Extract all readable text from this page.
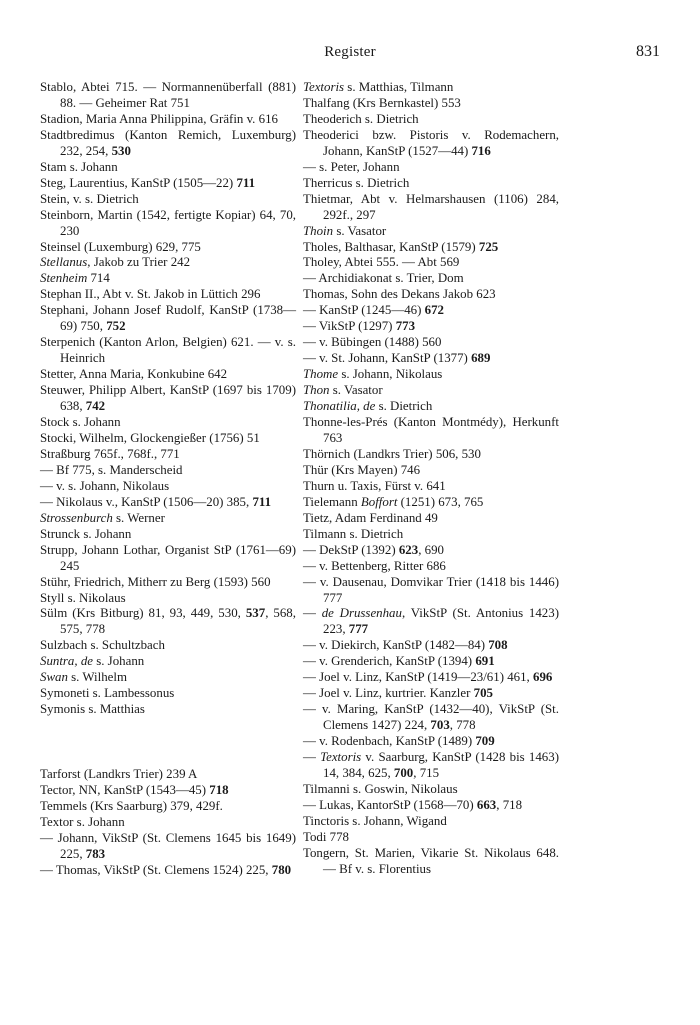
Register	831

Stablo, Abtei 715. — Normannenüberfall (881) 88. — Geheimer Rat 751

Stadion, Maria Anna Philippina, Gräfin v. 616

Stadtbredimus (Kanton Remich, Luxemburg) 232, 254, 530

Stam s. Johann

Steg, Laurentius, KanStP (1505—22) 711

Stein, v. s. Dietrich

Steinborn, Martin (1542, fertigte Kopiar) 64, 70, 230

Steinsel (Luxemburg) 629, 775

Stellanus, Jakob zu Trier 242

Stenheim 714

Stephan II., Abt v. St. Jakob in Lüttich 296

Stephani, Johann Josef Rudolf, KanStP (1738—69) 750, 752

Sterpenich (Kanton Arlon, Belgien) 621. — v. s. Heinrich

Stetter, Anna Maria, Konkubine 642

Steuwer, Philipp Albert, KanStP (1697 bis 1709) 638, 742

Stock s. Johann

Stocki, Wilhelm, Glockengießer (1756) 51

Straßburg 765f., 768f., 771

— Bf 775, s. Manderscheid

— v. s. Johann, Nikolaus

— Nikolaus v., KanStP (1506—20) 385, 711

Strossenburch s. Werner

Strunck s. Johann

Strupp, Johann Lothar, Organist StP (1761—69) 245

Stühr, Friedrich, Mitherr zu Berg (1593) 560

Styll s. Nikolaus

Sülm (Krs Bitburg) 81, 93, 449, 530, 537, 568, 575, 778

Sulzbach s. Schultzbach

Suntra, de s. Johann

Swan s. Wilhelm

Symoneti s. Lambessonus

Symonis s. Matthias

Tarforst (Landkrs Trier) 239 A

Tector, NN, KanStP (1543—45) 718

Temmels (Krs Saarburg) 379, 429f.

Textor s. Johann

— Johann, VikStP (St. Clemens 1645 bis 1649) 225, 783

— Thomas, VikStP (St. Clemens 1524) 225, 780

Textoris s. Matthias, Tilmann

Thalfang (Krs Bernkastel) 553

Theoderich s. Dietrich

Theoderici bzw. Pistoris v. Rodemachern, Johann, KanStP (1527—44) 716

— s. Peter, Johann

Therricus s. Dietrich

Thietmar, Abt v. Helmarshausen (1106) 284, 292f., 297

Thoin s. Vasator

Tholes, Balthasar, KanStP (1579) 725

Tholey, Abtei 555. — Abt 569

— Archidiakonat s. Trier, Dom

Thomas, Sohn des Dekans Jakob 623

— KanStP (1245—46) 672

— VikStP (1297) 773

— v. Bübingen (1488) 560

— v. St. Johann, KanStP (1377) 689

Thome s. Johann, Nikolaus

Thon s. Vasator

Thonatilia, de s. Dietrich

Thonne-les-Prés (Kanton Montmédy), Herkunft 763

Thörnich (Landkrs Trier) 506, 530

Thür (Krs Mayen) 746

Thurn u. Taxis, Fürst v. 641

Tielemann Boffort (1251) 673, 765

Tietz, Adam Ferdinand 49

Tilmann s. Dietrich

— DekStP (1392) 623, 690

— v. Bettenberg, Ritter 686

— v. Dausenau, Domvikar Trier (1418 bis 1446) 777

— de Drussenhau, VikStP (St. Antonius 1423) 223, 777

— v. Diekirch, KanStP (1482—84) 708

— v. Grenderich, KanStP (1394) 691

— Joel v. Linz, KanStP (1419—23/61) 461, 696

— Joel v. Linz, kurtrier. Kanzler 705

— v. Maring, KanStP (1432—40), VikStP (St. Clemens 1427) 224, 703, 778

— v. Rodenbach, KanStP (1489) 709

— Textoris v. Saarburg, KanStP (1428 bis 1463) 14, 384, 625, 700, 715

Tilmanni s. Goswin, Nikolaus

— Lukas, KantorStP (1568—70) 663, 718

Tinctoris s. Johann, Wigand

Todi 778

Tongern, St. Marien, Vikarie St. Nikolaus 648. — Bf v. s. Florentius
